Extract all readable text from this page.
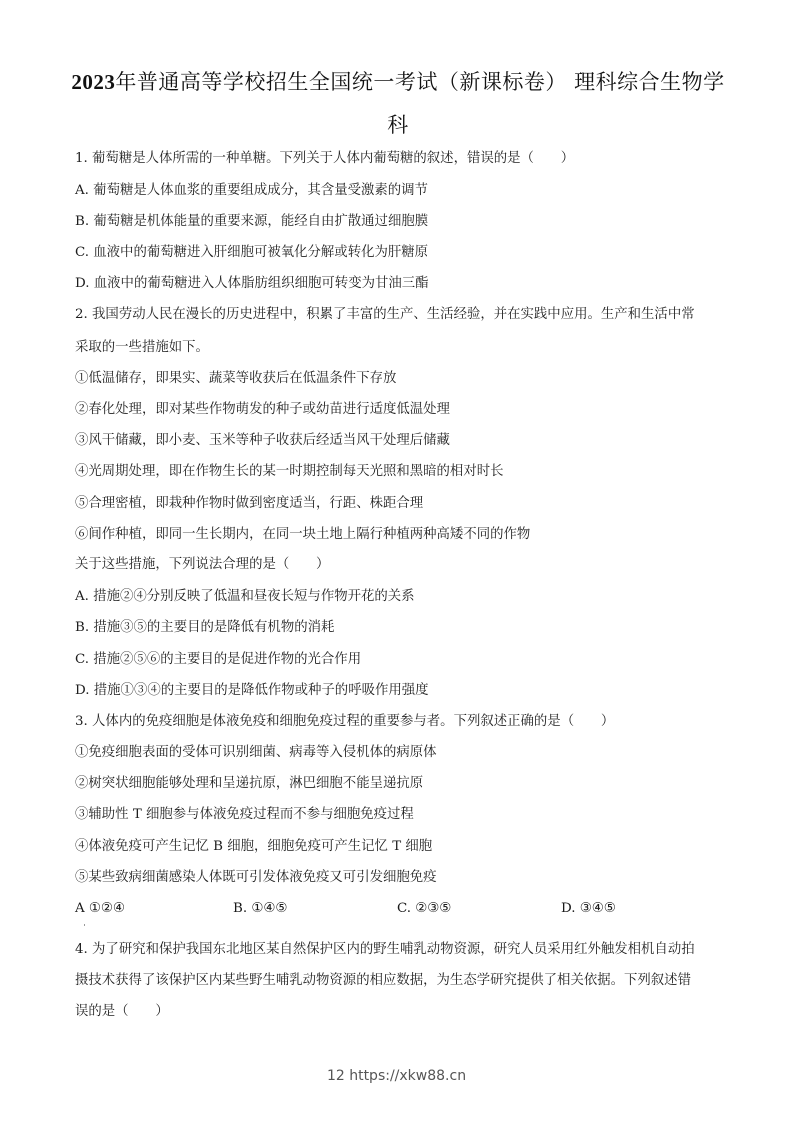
2023年普通高等学校招生全国统一考试（新课标卷） 理科综合生物学
科
1. 葡萄糖是人体所需的一种单糖。下列关于人体内葡萄糖的叙述，错误的是（　　）
A. 葡萄糖是人体血浆的重要组成成分，其含量受激素的调节
B. 葡萄糖是机体能量的重要来源，能经自由扩散通过细胞膜
C. 血液中的葡萄糖进入肝细胞可被氧化分解或转化为肝糖原
D. 血液中的葡萄糖进入人体脂肪组织细胞可转变为甘油三酯
2. 我国劳动人民在漫长的历史进程中，积累了丰富的生产、生活经验，并在实践中应用。生产和生活中常
采取的一些措施如下。
①低温储存，即果实、蔬菜等收获后在低温条件下存放
②春化处理，即对某些作物萌发的种子或幼苗进行适度低温处理
③风干储藏，即小麦、玉米等种子收获后经适当风干处理后储藏
④光周期处理，即在作物生长的某一时期控制每天光照和黑暗的相对时长
⑤合理密植，即栽种作物时做到密度适当，行距、株距合理
⑥间作种植，即同一生长期内，在同一块土地上隔行种植两种高矮不同的作物
关于这些措施，下列说法合理的是（　　）
A. 措施②④分别反映了低温和昼夜长短与作物开花的关系
B. 措施③⑤的主要目的是降低有机物的消耗
C. 措施②⑤⑥的主要目的是促进作物的光合作用
D. 措施①③④的主要目的是降低作物或种子的呼吸作用强度
3. 人体内的免疫细胞是体液免疫和细胞免疫过程的重要参与者。下列叙述正确的是（　　）
①免疫细胞表面的受体可识别细菌、病毒等入侵机体的病原体
②树突状细胞能够处理和呈递抗原，淋巴细胞不能呈递抗原
③辅助性 T 细胞参与体液免疫过程而不参与细胞免疫过程
④体液免疫可产生记忆 B 细胞，细胞免疫可产生记忆 T 细胞
⑤某些致病细菌感染人体既可引发体液免疫又可引发细胞免疫
A ①②④	B. ①④⑤	C. ②③⑤	D. ③④⑤
4. 为了研究和保护我国东北地区某自然保护区内的野生哺乳动物资源，研究人员采用红外触发相机自动拍
摄技术获得了该保护区内某些野生哺乳动物资源的相应数据，为生态学研究提供了相关依据。下列叙述错
误的是（　　）
12 https://xkw88.cn
